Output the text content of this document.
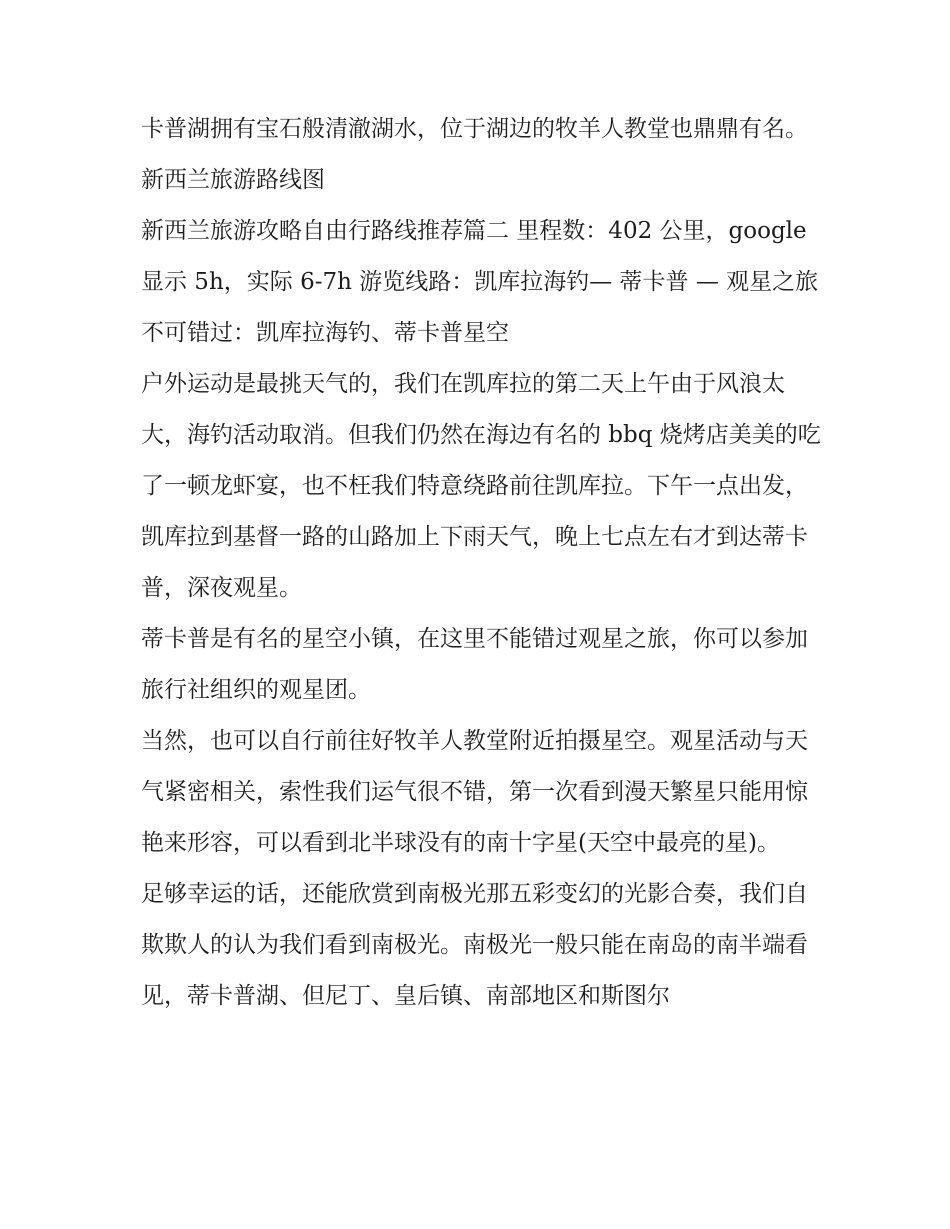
卡普湖拥有宝石般清澈湖水，位于湖边的牧羊人教堂也鼎鼎有名。 新西兰旅游路线图

新西兰旅游攻略自由行路线推荐篇二 里程数：402 公里，google 显示 5h，实际 6-7h 游览线路：凯库拉海钓— 蒂卡普 — 观星之旅

不可错过：凯库拉海钓、蒂卡普星空

户外运动是最挑天气的，我们在凯库拉的第二天上午由于风浪太大，海钓活动取消。但我们仍然在海边有名的 bbq 烧烤店美美的吃了一顿龙虾宴，也不枉我们特意绕路前往凯库拉。下午一点出发，凯库拉到基督一路的山路加上下雨天气，晚上七点左右才到达蒂卡普，深夜观星。

蒂卡普是有名的星空小镇，在这里不能错过观星之旅，你可以参加旅行社组织的观星团。

当然，也可以自行前往好牧羊人教堂附近拍摄星空。观星活动与天气紧密相关，索性我们运气很不错，第一次看到漫天繁星只能用惊艳来形容，可以看到北半球没有的南十字星(天空中最亮的星)。

足够幸运的话，还能欣赏到南极光那五彩变幻的光影合奏，我们自欺欺人的认为我们看到南极光。南极光一般只能在南岛的南半端看见，蒂卡普湖、但尼丁、皇后镇、南部地区和斯图尔
